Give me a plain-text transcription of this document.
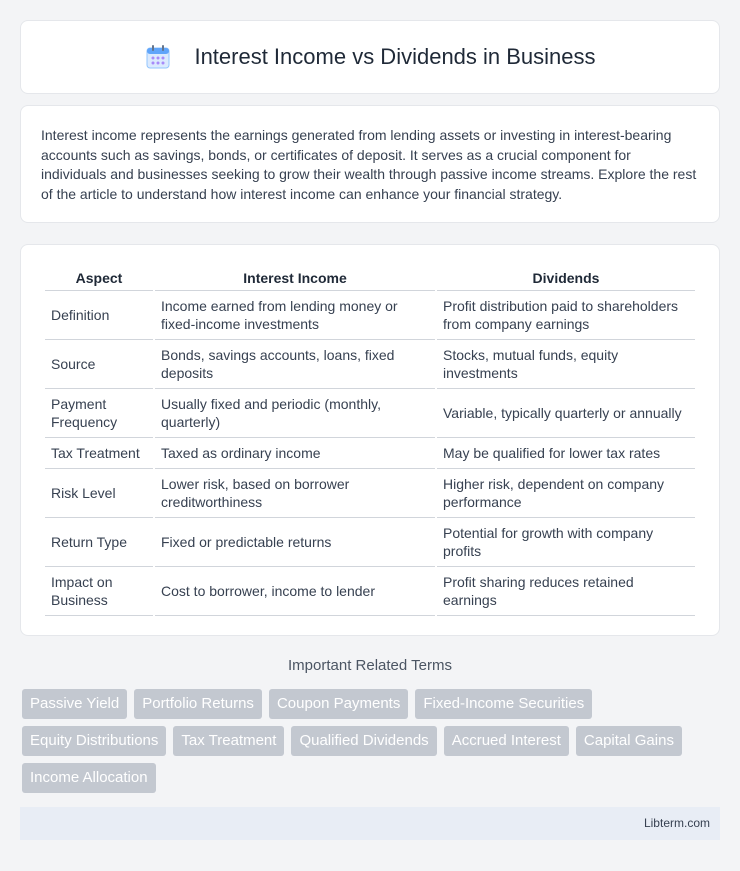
Interest Income vs Dividends in Business

Interest income represents the earnings generated from lending assets or investing in interest-bearing accounts such as savings, bonds, or certificates of deposit. It serves as a crucial component for individuals and businesses seeking to grow their wealth through passive income streams. Explore the rest of the article to understand how interest income can enhance your financial strategy.

Aspect	Interest Income	Dividends
Definition	Income earned from lending money or fixed-income investments	Profit distribution paid to shareholders from company earnings
Source	Bonds, savings accounts, loans, fixed deposits	Stocks, mutual funds, equity investments
Payment Frequency	Usually fixed and periodic (monthly, quarterly)	Variable, typically quarterly or annually
Tax Treatment	Taxed as ordinary income	May be qualified for lower tax rates
Risk Level	Lower risk, based on borrower creditworthiness	Higher risk, dependent on company performance
Return Type	Fixed or predictable returns	Potential for growth with company profits
Impact on Business	Cost to borrower, income to lender	Profit sharing reduces retained earnings
Important Related Terms
Passive Yield	Portfolio Returns	Coupon Payments	Fixed-Income Securities
Equity Distributions	Tax Treatment	Qualified Dividends	Accrued Interest	Capital Gains
Income Allocation
Libterm.com
